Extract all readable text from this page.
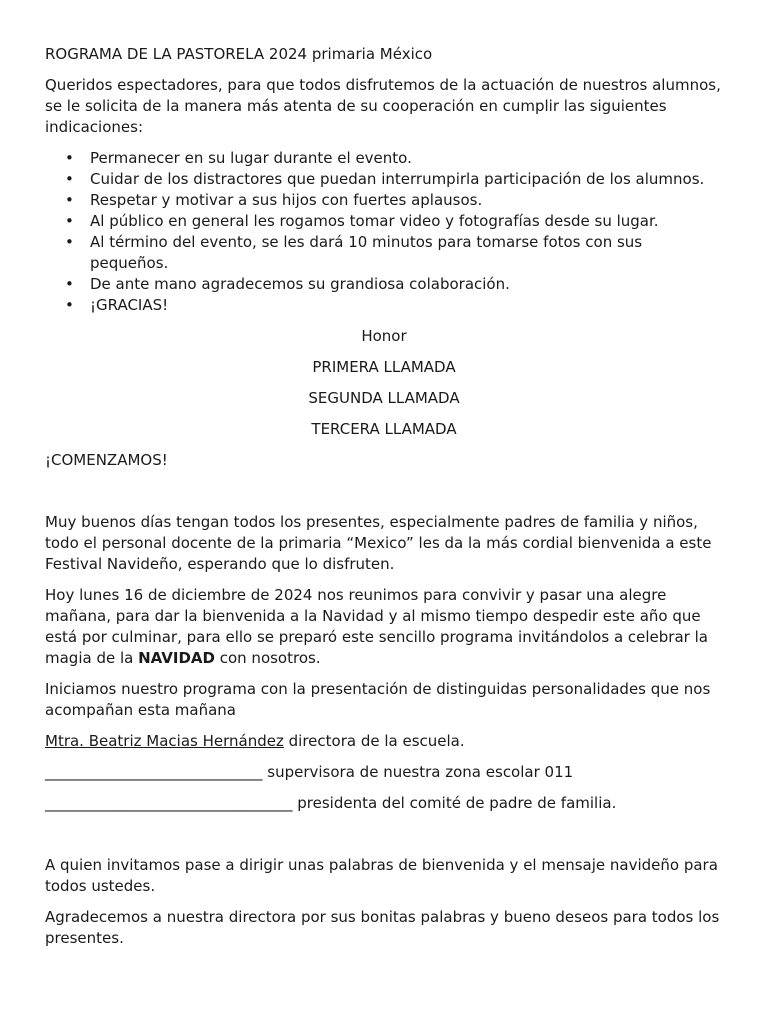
ROGRAMA DE LA PASTORELA 2024 primaria México

Queridos espectadores, para que todos disfrutemos de la actuación de nuestros alumnos, se le solicita de la manera más atenta de su cooperación en cumplir las siguientes indicaciones:

• Permanecer en su lugar durante el evento.
• Cuidar de los distractores que puedan interrumpirla participación de los alumnos.
• Respetar y motivar a sus hijos con fuertes aplausos.
• Al público en general les rogamos tomar video y fotografías desde su lugar.
• Al término del evento, se les dará 10 minutos para tomarse fotos con sus pequeños.
• De ante mano agradecemos su grandiosa colaboración.
• ¡GRACIAS!

Honor

PRIMERA LLAMADA

SEGUNDA LLAMADA

TERCERA LLAMADA

¡COMENZAMOS!

Muy buenos días tengan todos los presentes, especialmente padres de familia y niños, todo el personal docente de la primaria “Mexico” les da la más cordial bienvenida a este Festival Navideño, esperando que lo disfruten.

Hoy lunes 16 de diciembre de 2024 nos reunimos para convivir y pasar una alegre mañana, para dar la bienvenida a la Navidad y al mismo tiempo despedir este año que está por culminar, para ello se preparó este sencillo programa invitándolos a celebrar la magia de la NAVIDAD con nosotros.

Iniciamos nuestro programa con la presentación de distinguidas personalidades que nos acompañan esta mañana

Mtra. Beatriz Macias Hernández directora de la escuela.

_____________________________ supervisora de nuestra zona escolar 011

_________________________________ presidenta del comité de padre de familia.

A quien invitamos pase a dirigir unas palabras de bienvenida y el mensaje navideño para todos ustedes.

Agradecemos a nuestra directora por sus bonitas palabras y bueno deseos para todos los presentes.
